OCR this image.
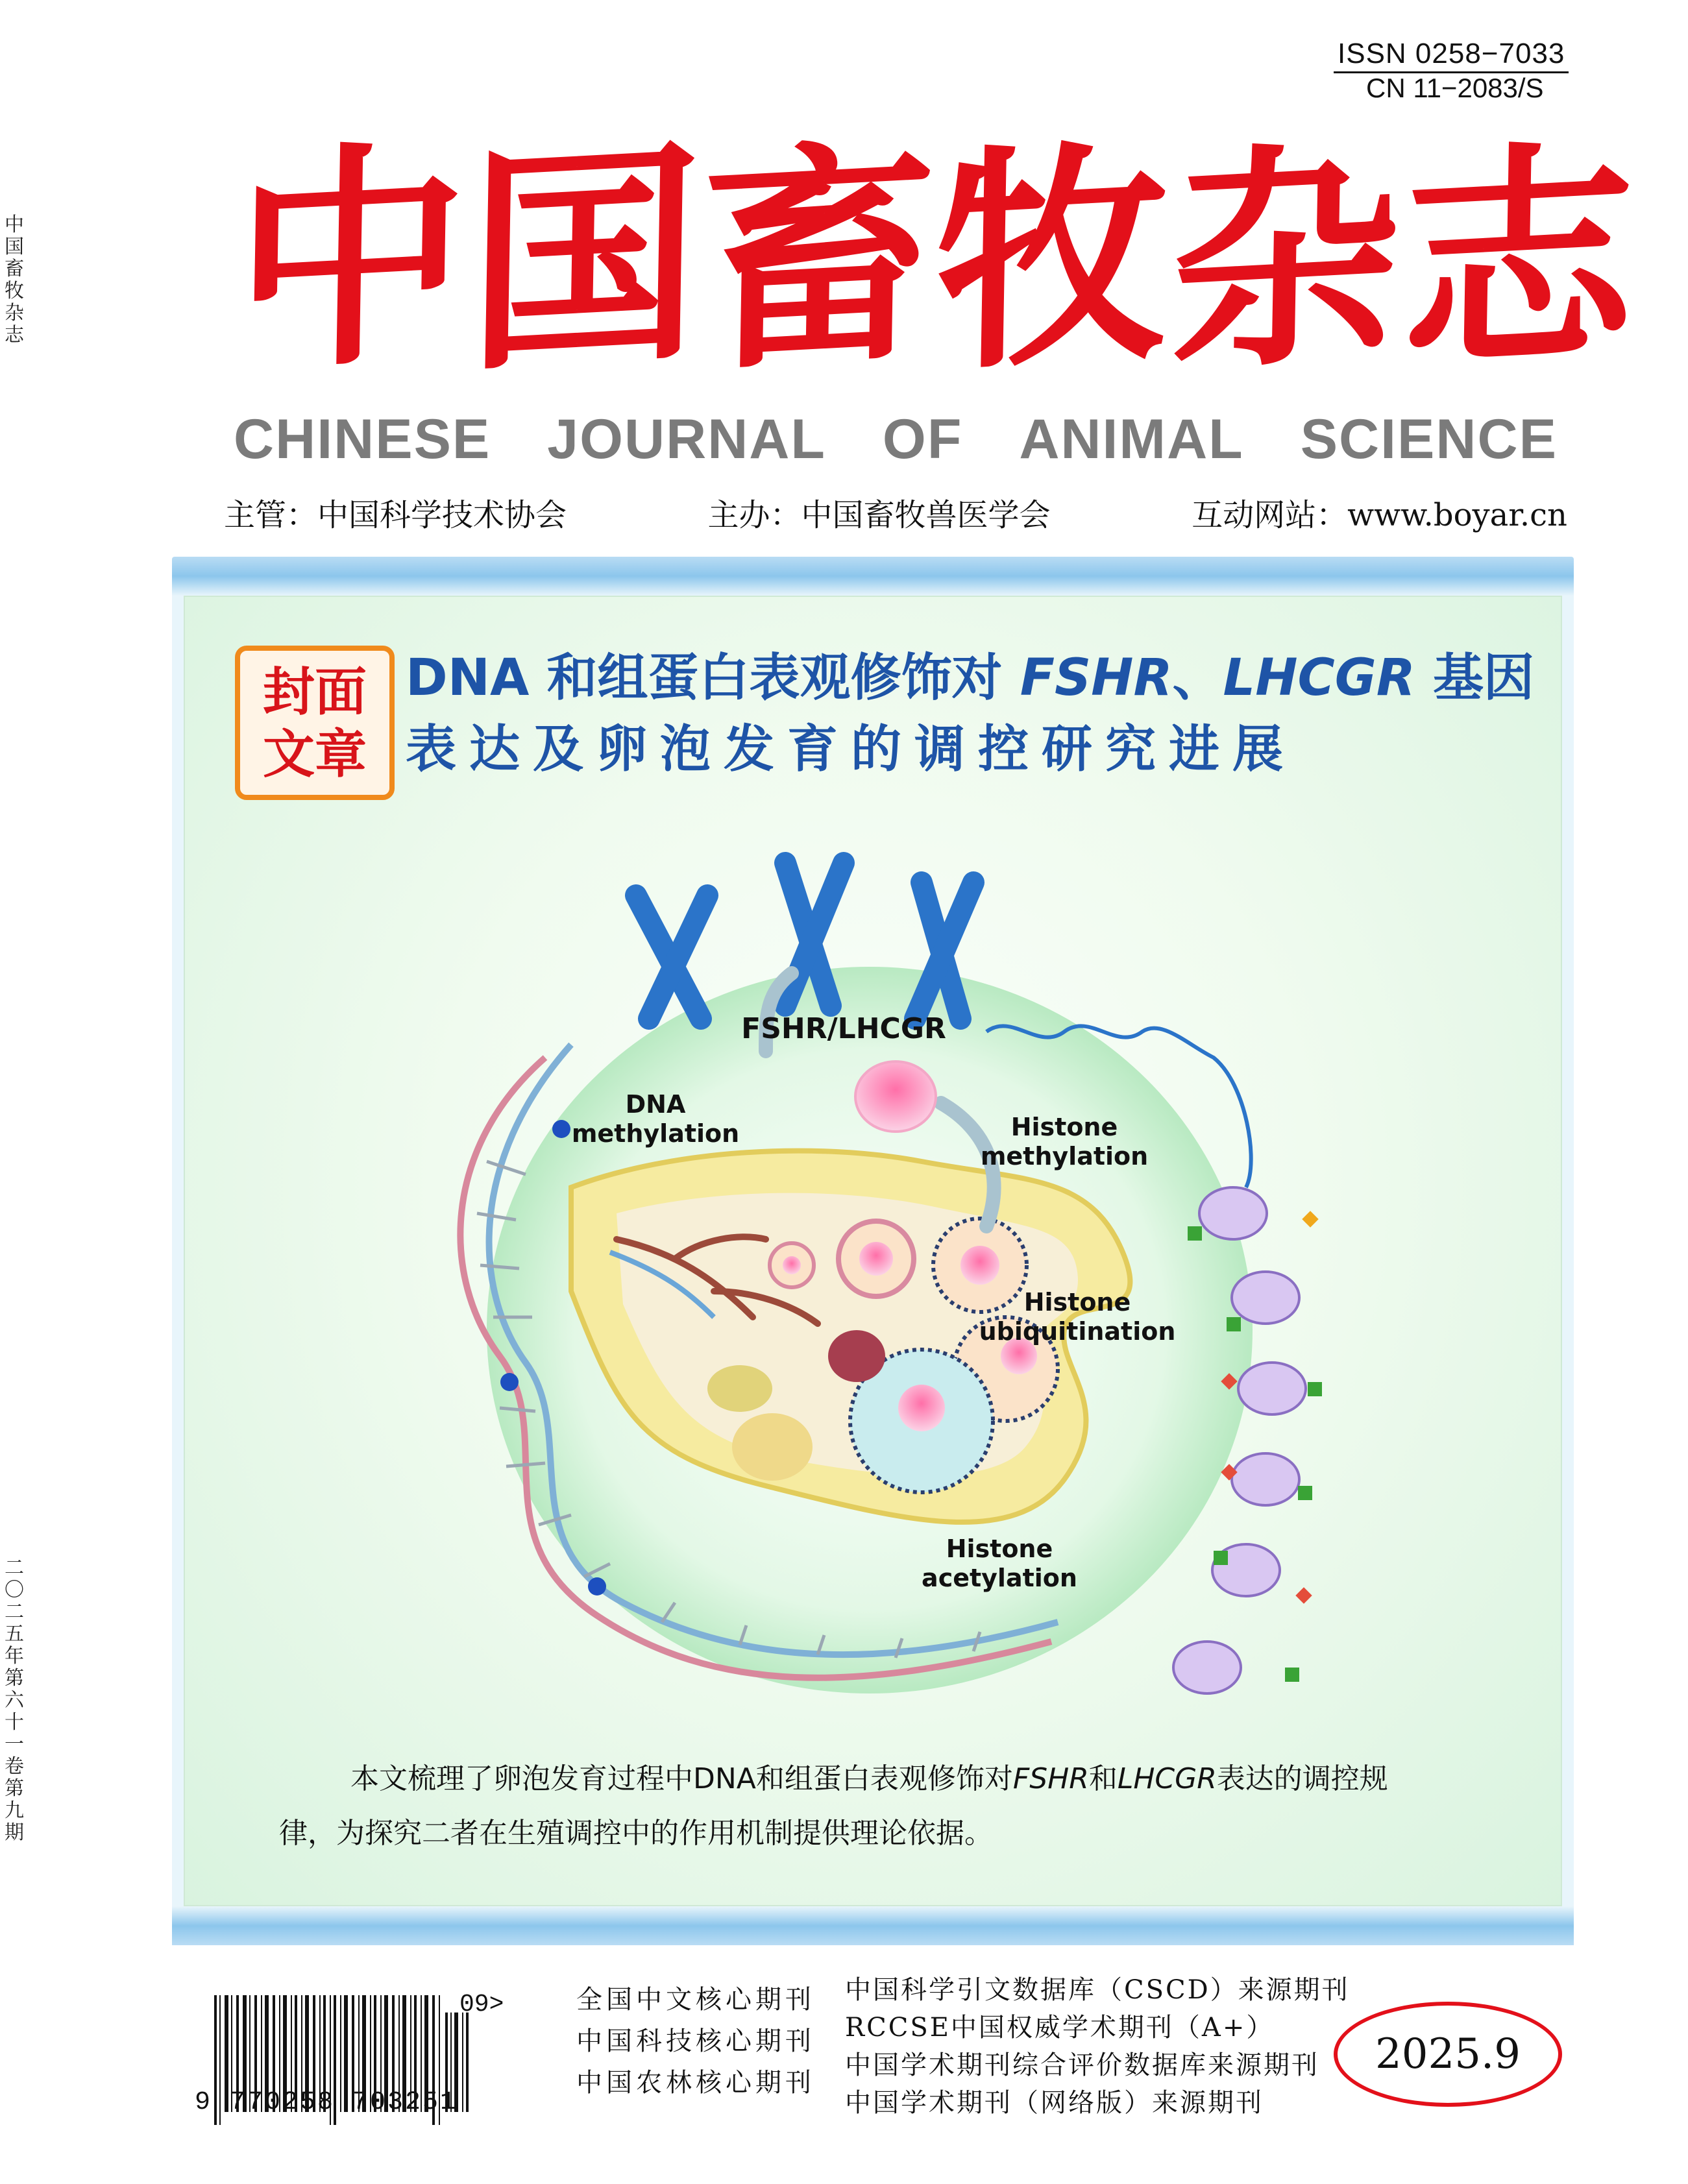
中国畜牧杂志
二〇二五年 第六十一卷 第九期
ISSN 0258−7033
CN 11−2083/S
中
国
畜
牧
杂
志
CHINESE JOURNAL OF ANIMAL SCIENCE
主管：中国科学技术协会	主办：中国畜牧兽医学会	互动网站：www.boyar.cn
封面
文章
DNA 和组蛋白表观修饰对 FSHR、LHCGR 基因
表达及卵泡发育的调控研究进展
FSHR/LHCGR
DNA
methylation	Histone
methylation
Histone
ubiquitination
Histone
acetylation
本文梳理了卵泡发育过程中DNA和组蛋白表观修饰对FSHR和LHCGR表达的调控规
律，为探究二者在生殖调控中的作用机制提供理论依据。
9 770258 703251
09>	全国中文核心期刊
中国科技核心期刊
中国农林核心期刊
中国科学引文数据库（CSCD）来源期刊
RCCSE中国权威学术期刊（A+）
中国学术期刊综合评价数据库来源期刊
中国学术期刊（网络版）来源期刊
2025.9
